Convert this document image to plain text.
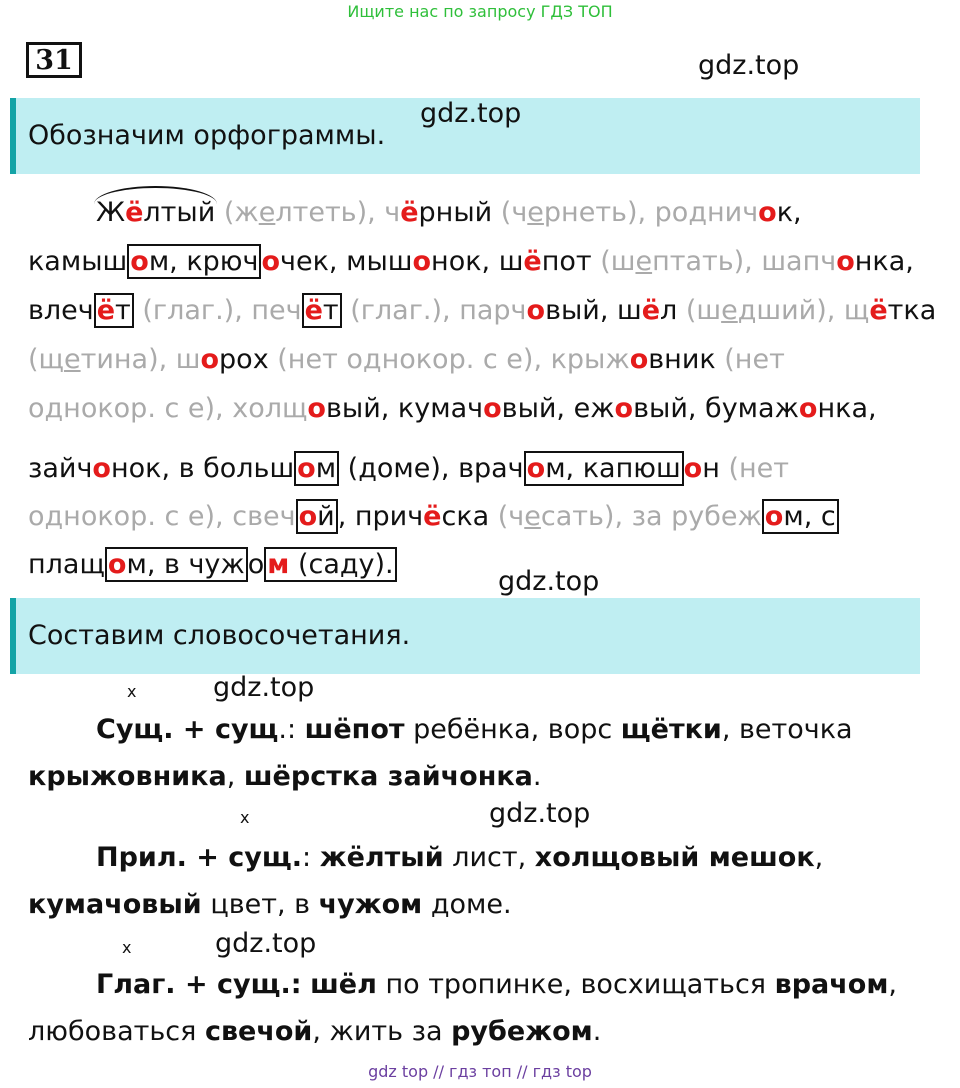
Ищите нас по запросу ГДЗ ТОП
31	gdz.top
Обозначим орфограммы.
gdz.top
Жёлтый (желтеть), чёрный (чернеть), родничок,
камыш ом, крюч очек, мышонок, шёпот (шептать), шапчонка,
влеч ёт (глаг.), печ ёт (глаг.), парчовый, шёл (шедший), щётка
(щетина), шорох (нет однокор. с е), крыжовник (нет
однокор. с е), холщовый, кумачовый, ежовый, бумажонка,
зайчонок, в больш ом (доме), врач ом, капюш он (нет
однокор. с е), свеч ой , причёска (чесать), за рубеж ом, с
плащ ом, в чуж о м (саду).
gdz.top
Составим словосочетания.
x	gdz.top
Сущ. + сущ.: шёпот ребёнка, ворс щётки, веточка
крыжовника, шёрстка зайчонка.
x	gdz.top
Прил. + сущ.: жёлтый лист, холщовый мешок,
кумачовый цвет, в чужом доме.
x	gdz.top
Глаг. + сущ.: шёл по тропинке, восхищаться врачом,
любоваться свечой, жить за рубежом.
gdz top // гдз топ // гдз top
